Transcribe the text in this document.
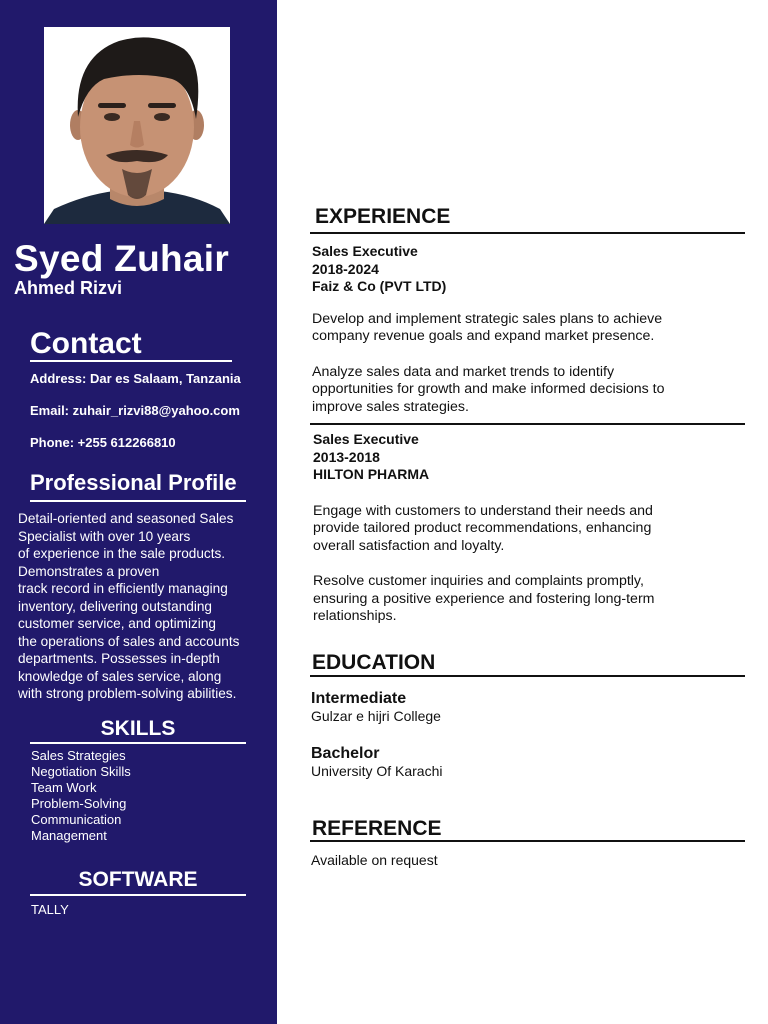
Syed Zuhair
Ahmed Rizvi
Contact
Address: Dar es Salaam, Tanzania
Email: zuhair_rizvi88@yahoo.com
Phone: +255 612266810
Professional Profile
Detail-oriented and seasoned Sales
Specialist with over 10 years
of experience in the sale products.
Demonstrates a proven
track record in efficiently managing
inventory, delivering outstanding
customer service, and optimizing
the operations of sales and accounts
departments. Possesses in-depth
knowledge of sales service, along
with strong problem-solving abilities.
SKILLS
Sales Strategies
Negotiation Skills
Team Work
Problem-Solving
Communication
Management
SOFTWARE
TALLY
EXPERIENCE
Sales Executive
2018-2024
Faiz & Co (PVT LTD)

Develop and implement strategic sales plans to achieve
company revenue goals and expand market presence.

Analyze sales data and market trends to identify
opportunities for growth and make informed decisions to
improve sales strategies.

Sales Executive
2013-2018
HILTON PHARMA

Engage with customers to understand their needs and
provide tailored product recommendations, enhancing
overall satisfaction and loyalty.

Resolve customer inquiries and complaints promptly,
ensuring a positive experience and fostering long-term
relationships.

EDUCATION
Intermediate
Gulzar e hijri College
Bachelor
University Of Karachi
REFERENCE
Available on request
